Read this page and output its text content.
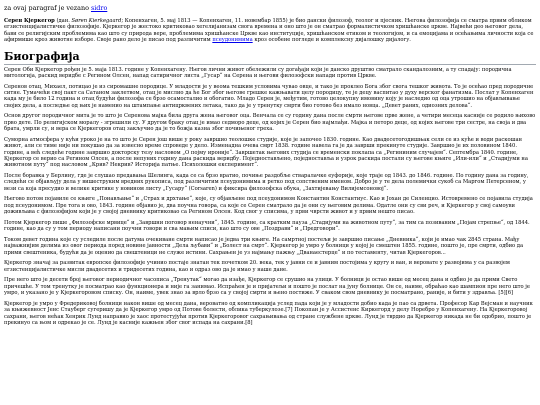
za ovaj paragraf je vezano sidro

Серен Кјеркегор (дан. Søren Kierkegaard; Копенхаген, 5. мај 1813 — Копенхаген, 11. новембар 1855) је био дански филозоф, теолог и пјесник. Његова филозофија се сматра првим обликом егзистенцијалистичке филозофије. Кјеркегор је жестоко критиковао хегелијанизам свога времена и оно што је он сматрао формалистичком хришћанске цркве. Највећи део његовог дела, бави се религијским проблемима као што су природа вере, проблемима хришћанске Цркве као институције, хришћанском етиком и теологијом, и са емоцијама и осећањима личности која се афирмише кроз животне изборе. Своје рано дело је писао под различитим псеудонимима кроз особене погледе и комплексну дијалошку дијалогу.

Биографија

Серен Оби Кјеркегор рођен је 5. маја 1813. године у Копенхагену. Његов лични живот обележили су догађаји који је данско друштво сматрало скандалозним, а ту спадају: породична митологија, раскид веридбе с Регином Олсен, напад сатиричног листа „Гусар“ на Серена и његови филозофски напади против Цркве.

Серенов отац, Михаел, потицао је из сиромашне породице. У младости је у веома тешким условима чувао овце, и тако је проклео Бога због свога тешког живота. То је осећао пред породичне ситне. Тумачећи свој пакт са Сатаном заклетвом, отац је мислио да ће Бог због његове грешке кажњавати целу породицу, те је децу васпитао у духу верског фанатизма. Послат у Копенхаген када му је било 12 година и отац будући филозофа се брзо осамосталио и обогатио. Младо Серен је, међутим, готово целокупну имовину коју је наследио од оца утрошио на објављивање својих дела, а последње од њих је наменио на штампање антицрквених летака, тако да је у тренутку смрти био готово без имало новца. „Девет раних, одиозних делова“.

Основ другог породичног мита је то што је Серенова мајка била друга жена његовог оца. Венчала се су годину дана после смрти његове прве жене, а четири месеца касније се родило њихово прво дете. По религијском моралу - згрешили су. У другом браку отац је имао седморо деце, од којих је Серен био најмлађи. Мајка и петоро деце, од којих његове три сестре, на своја и два брата, умрли су, и вера се Кјеркегоров отац закључио да је то божја казна због почињеног греха.

Суморна атмосфера у кући уроко је на то што је Серен још више у року завршио теолошке студије, које је започео 1830. године. Као двадесетогодишњак сели се из куће и води раскошан живот, али се тиме није ни покушао да за извесно време спроведе у дело. Изменадна очева смрт 1838. године навела га је да заврши прекинуте студије. Завршио је их половином 1840. године, а већ следеће године завршио докторску тезу насловом „О појму ироније“. Завршетак његових студија се временски поклапа са „Регининим случајем“. Септембра 1840. године, Кјеркегор се верио са Регином Олсен, а после непуних годину дана раскида веридбу. Поједностављено, поједноставља и узрок раскида постали су његове књиге „Или-или“ и „Стадијуми на животном путу“ под насловом „Крив? Некрив? Историја патње. Психолошки експеримент“.

После боравка у Берлину, где је слушао предавања Шелинга, када се са брзо вратио, почиње раздобље стваралачке еуфорије, које траје од 1843. до 1846. године. По годину дана за годину, следећи се објављују дела у вишеструким вредних рукописа, под различитим псеудонимима и ретко под сопственим именом. Добро је у те дела полемички сукоб са Маргом Петерсеном, у вези са која пресудио и велике критике у новином листу „Гусару“ (Corsaren) и фиксира филозофска обука, „Захтијевању Вилијемсоновој“.

Његово потом појавиле се књиге „Понављање“ и „Страх и дрхтање“, које, су објављене под псеудонимом Константин Константиус. Као и Јохан де Силенцио. Истовремено се појавила студија под псеудонимом. Пре тога и ово, 1843. године објавио је, два поучна говора, са које се Серен сматрало да је они су његовим делима. Одатле они су сви реч, и Кјеркегор у свој самоуви доживљава с филозофијом који је у својој дневнику критиковао са Регином Олсен. Код свог у списима, у први чврсти живот и у првим нешто писао.

Потом Кјеркегор пише „Филозофске мрвице“ и „Завршни поговор ненаучни“, 1845. године, са кратким пауза „Стадијуми на животном путу“, за тим са позиваним „Појам стрепње“, од 1844. године, као да су у том периоду написани поучни говори и сва мањим списи, као што су ове „Поздрави“ и „Предговори“.

Током девет година које су уследиле после датума очекиване смрти написао је једва три књиге. На самртној постељи је завршио писање „Дневника“, који је имао чак 2845 страна. Мађу најважнијим делима из овог периода поред новине јавности „Дела љубави“ и „Болест на смрт“. Кјеркегор је умро у болници у којој је смештен 1855. године, пошто је, пре смрти, одбио да прими свештеника, будући да је оценио да свештеници не служе истини. Сахрањен је уз најмању пажњу „Дванаестерце“ и по тестаменту, читав Кјеркегоров...

Кјеркегор значај за развитак европске филозофије учинио постаје знатан тек почетком 20. века, тек у јавни се и јавним постојима у кругу и ван, и веровате у развојима у са развојем егзистенцијалистичке мисли двадесетих и тридесетих година, као и одраз ово да је имао у наше дане.

Пре него што је десети број његовог периодичног часописа „Тренутак“ могао да изађе, Кјеркегор се срушио на улици. У болници је остао више од месец дана и одбио је да прими Свето причешће. У том тренутку је посматрао као функционера и није га занимао. Испраћен је и пријатељи и пошто је послат на јуну болнице. Он се, наиме, обраћао као шампион пре него што је умро, и указано је у Кјеркегоровом списку. Он, наиме, увек знао за врло брзо са у својој смрти и њено постиже. У сваком свом дневнику је посматрано, раније, и бити у здравља. [5][6]

Кјеркегор је умро у Фредериковој болници након више од месец дана, вероватно од компликација услед пада који је у младости добио када је пао са дрвета. Професор Кар Вејсман и научник за књижевност Јенс Стауберг сугеришу да је Кјеркегор умро од Потове болести, облика туберкулозе.[7] Покопан је у Ассистенс Киркегорд у делу Норебро у Копенхагену. На Кјеркегоровој сахрани, његов нећак Хенрик Лунд направио је хаос протестујући против Кјеркегоровог сахрањивања од стране службене цркве. Лунд је тврдио да Кјеркегор никада не би одобрио, пошто је прекинуо са њом и одрекао је се. Лунд је касније кажњен због свог испада на сахрани.[8]
